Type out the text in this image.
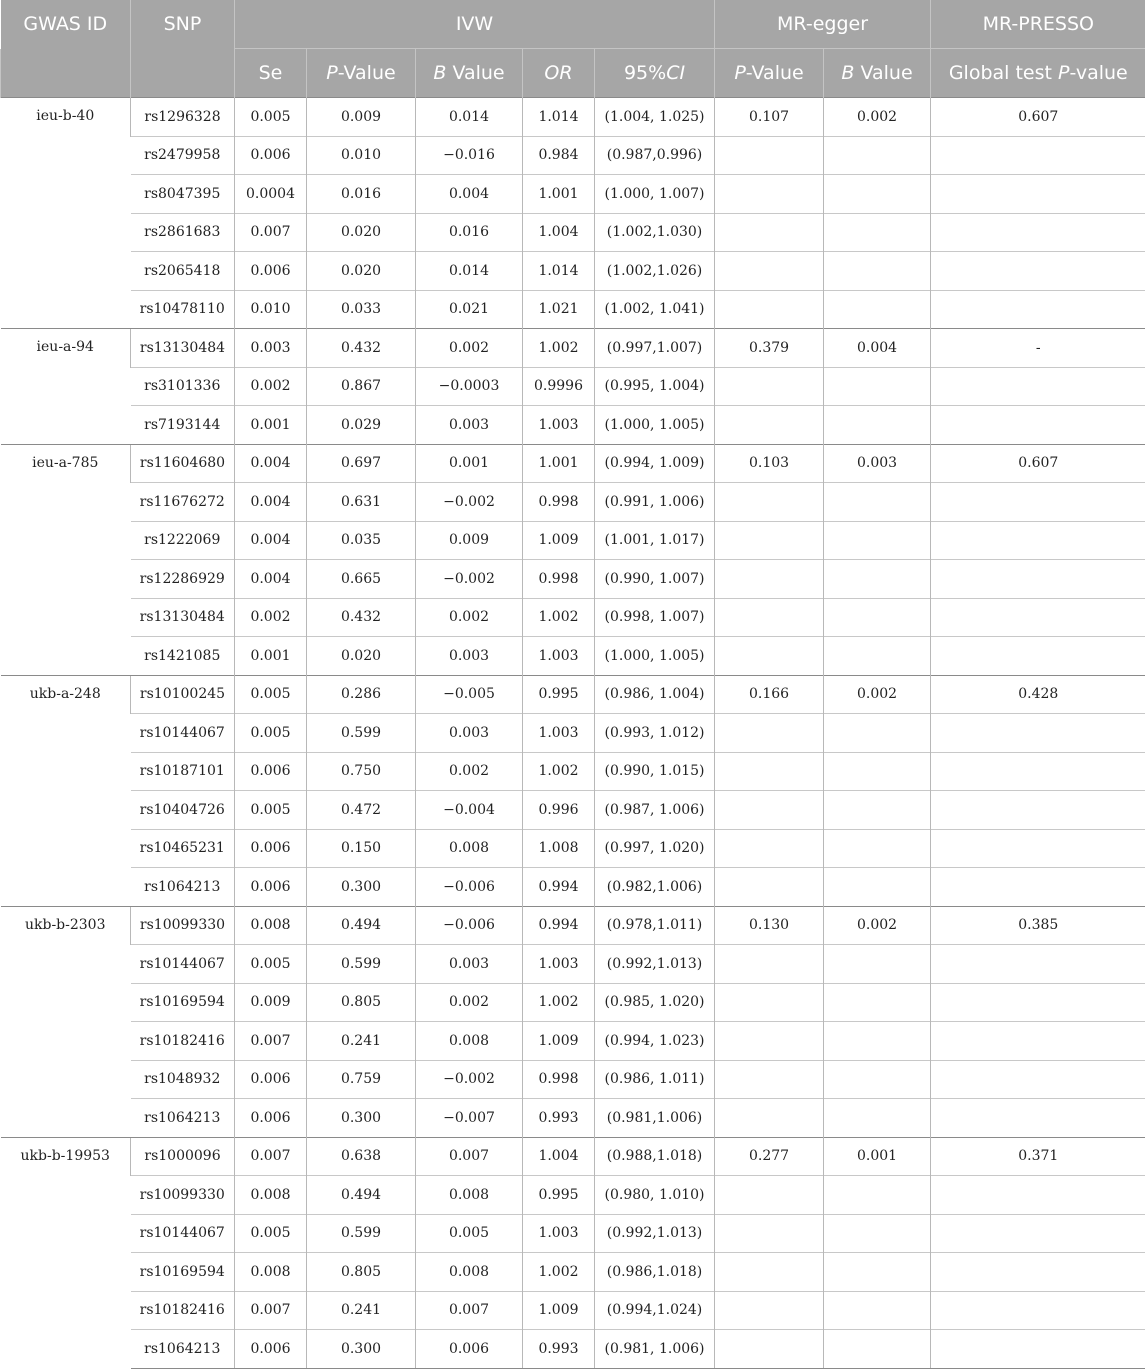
GWAS ID	SNP	IVW					MR-egger		MR-PRESSO
		Se	P-Value	B Value	OR	95%CI	P-Value	B Value	Global test P-value
ieu-b-40	rs1296328	0.005	0.009	0.014	1.014	(1.004, 1.025)	0.107	0.002	0.607
	rs2479958	0.006	0.010	−0.016	0.984	(0.987,0.996)			
	rs8047395	0.0004	0.016	0.004	1.001	(1.000, 1.007)			
	rs2861683	0.007	0.020	0.016	1.004	(1.002,1.030)			
	rs2065418	0.006	0.020	0.014	1.014	(1.002,1.026)			
	rs10478110	0.010	0.033	0.021	1.021	(1.002, 1.041)			
ieu-a-94	rs13130484	0.003	0.432	0.002	1.002	(0.997,1.007)	0.379	0.004	-
	rs3101336	0.002	0.867	−0.0003	0.9996	(0.995, 1.004)			
	rs7193144	0.001	0.029	0.003	1.003	(1.000, 1.005)			
ieu-a-785	rs11604680	0.004	0.697	0.001	1.001	(0.994, 1.009)	0.103	0.003	0.607
	rs11676272	0.004	0.631	−0.002	0.998	(0.991, 1.006)			
	rs1222069	0.004	0.035	0.009	1.009	(1.001, 1.017)			
	rs12286929	0.004	0.665	−0.002	0.998	(0.990, 1.007)			
	rs13130484	0.002	0.432	0.002	1.002	(0.998, 1.007)			
	rs1421085	0.001	0.020	0.003	1.003	(1.000, 1.005)			
ukb-a-248	rs10100245	0.005	0.286	−0.005	0.995	(0.986, 1.004)	0.166	0.002	0.428
	rs10144067	0.005	0.599	0.003	1.003	(0.993, 1.012)			
	rs10187101	0.006	0.750	0.002	1.002	(0.990, 1.015)			
	rs10404726	0.005	0.472	−0.004	0.996	(0.987, 1.006)			
	rs10465231	0.006	0.150	0.008	1.008	(0.997, 1.020)			
	rs1064213	0.006	0.300	−0.006	0.994	(0.982,1.006)			
ukb-b-2303	rs10099330	0.008	0.494	−0.006	0.994	(0.978,1.011)	0.130	0.002	0.385
	rs10144067	0.005	0.599	0.003	1.003	(0.992,1.013)			
	rs10169594	0.009	0.805	0.002	1.002	(0.985, 1.020)			
	rs10182416	0.007	0.241	0.008	1.009	(0.994, 1.023)			
	rs1048932	0.006	0.759	−0.002	0.998	(0.986, 1.011)			
	rs1064213	0.006	0.300	−0.007	0.993	(0.981,1.006)			
ukb-b-19953	rs1000096	0.007	0.638	0.007	1.004	(0.988,1.018)	0.277	0.001	0.371
	rs10099330	0.008	0.494	0.008	0.995	(0.980, 1.010)			
	rs10144067	0.005	0.599	0.005	1.003	(0.992,1.013)			
	rs10169594	0.008	0.805	0.008	1.002	(0.986,1.018)			
	rs10182416	0.007	0.241	0.007	1.009	(0.994,1.024)			
	rs1064213	0.006	0.300	0.006	0.993	(0.981, 1.006)			
